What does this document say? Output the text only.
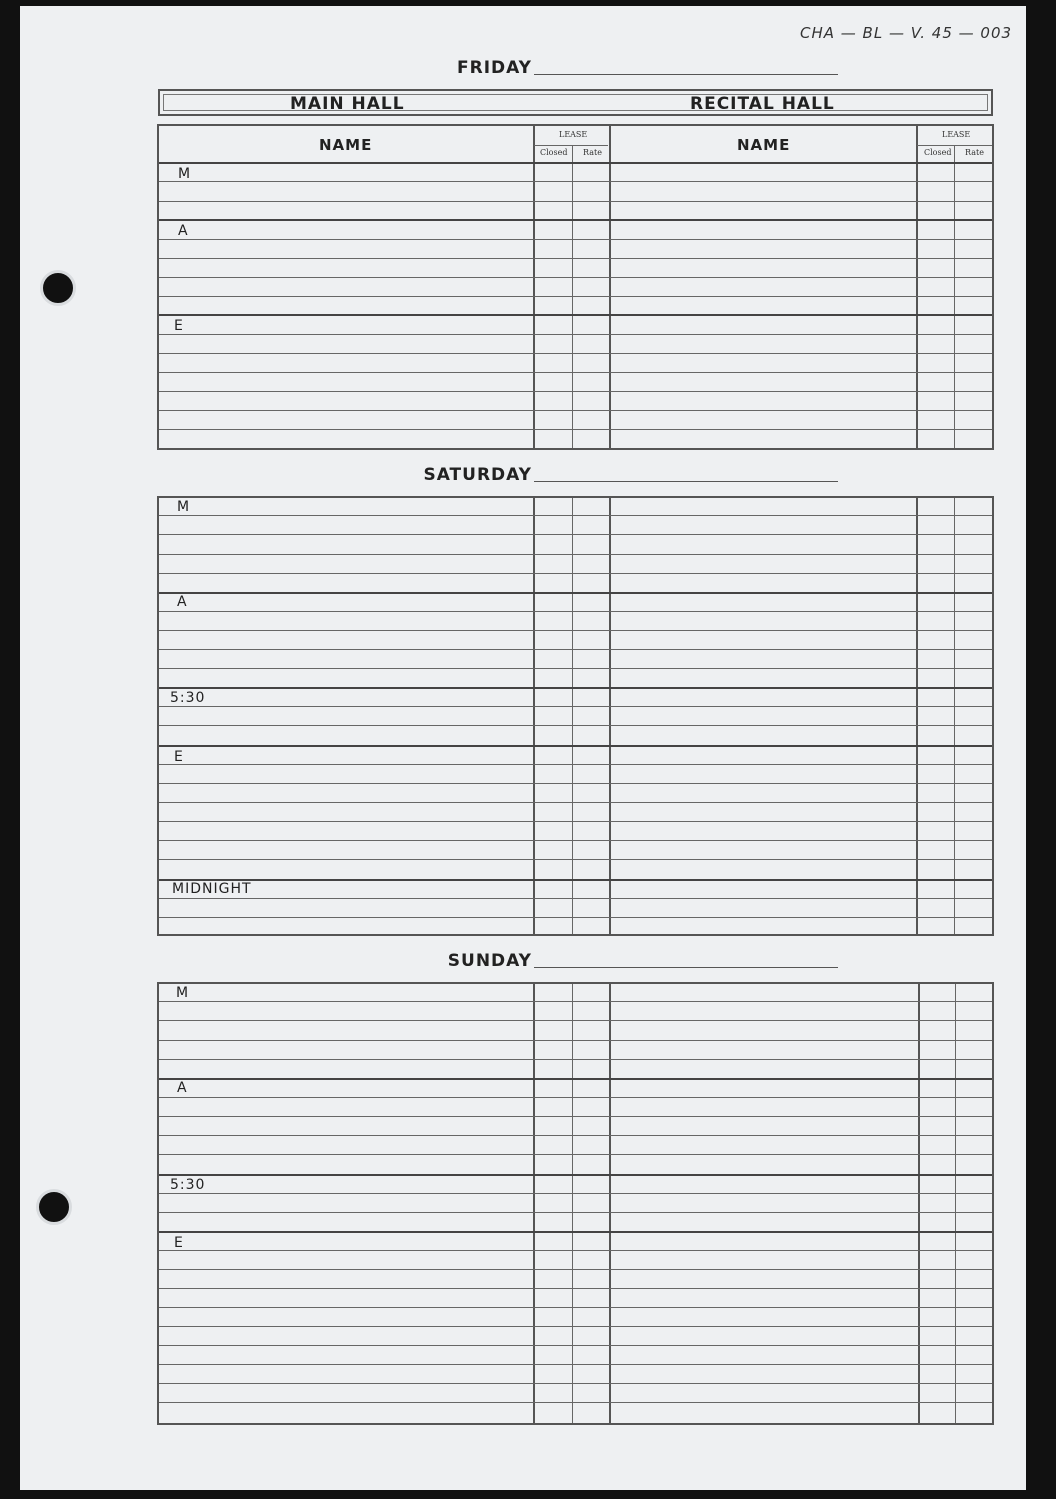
CHA — BL — V. 45 — 003
FRIDAY
MAIN HALL	RECITAL HALL
NAME
LEASE
Closed Rate	NAME
LEASE
Closed Rate
M
A
E
SATURDAY
M
A
5:30
E
MIDNIGHT
SUNDAY
M
A
5:30
E
